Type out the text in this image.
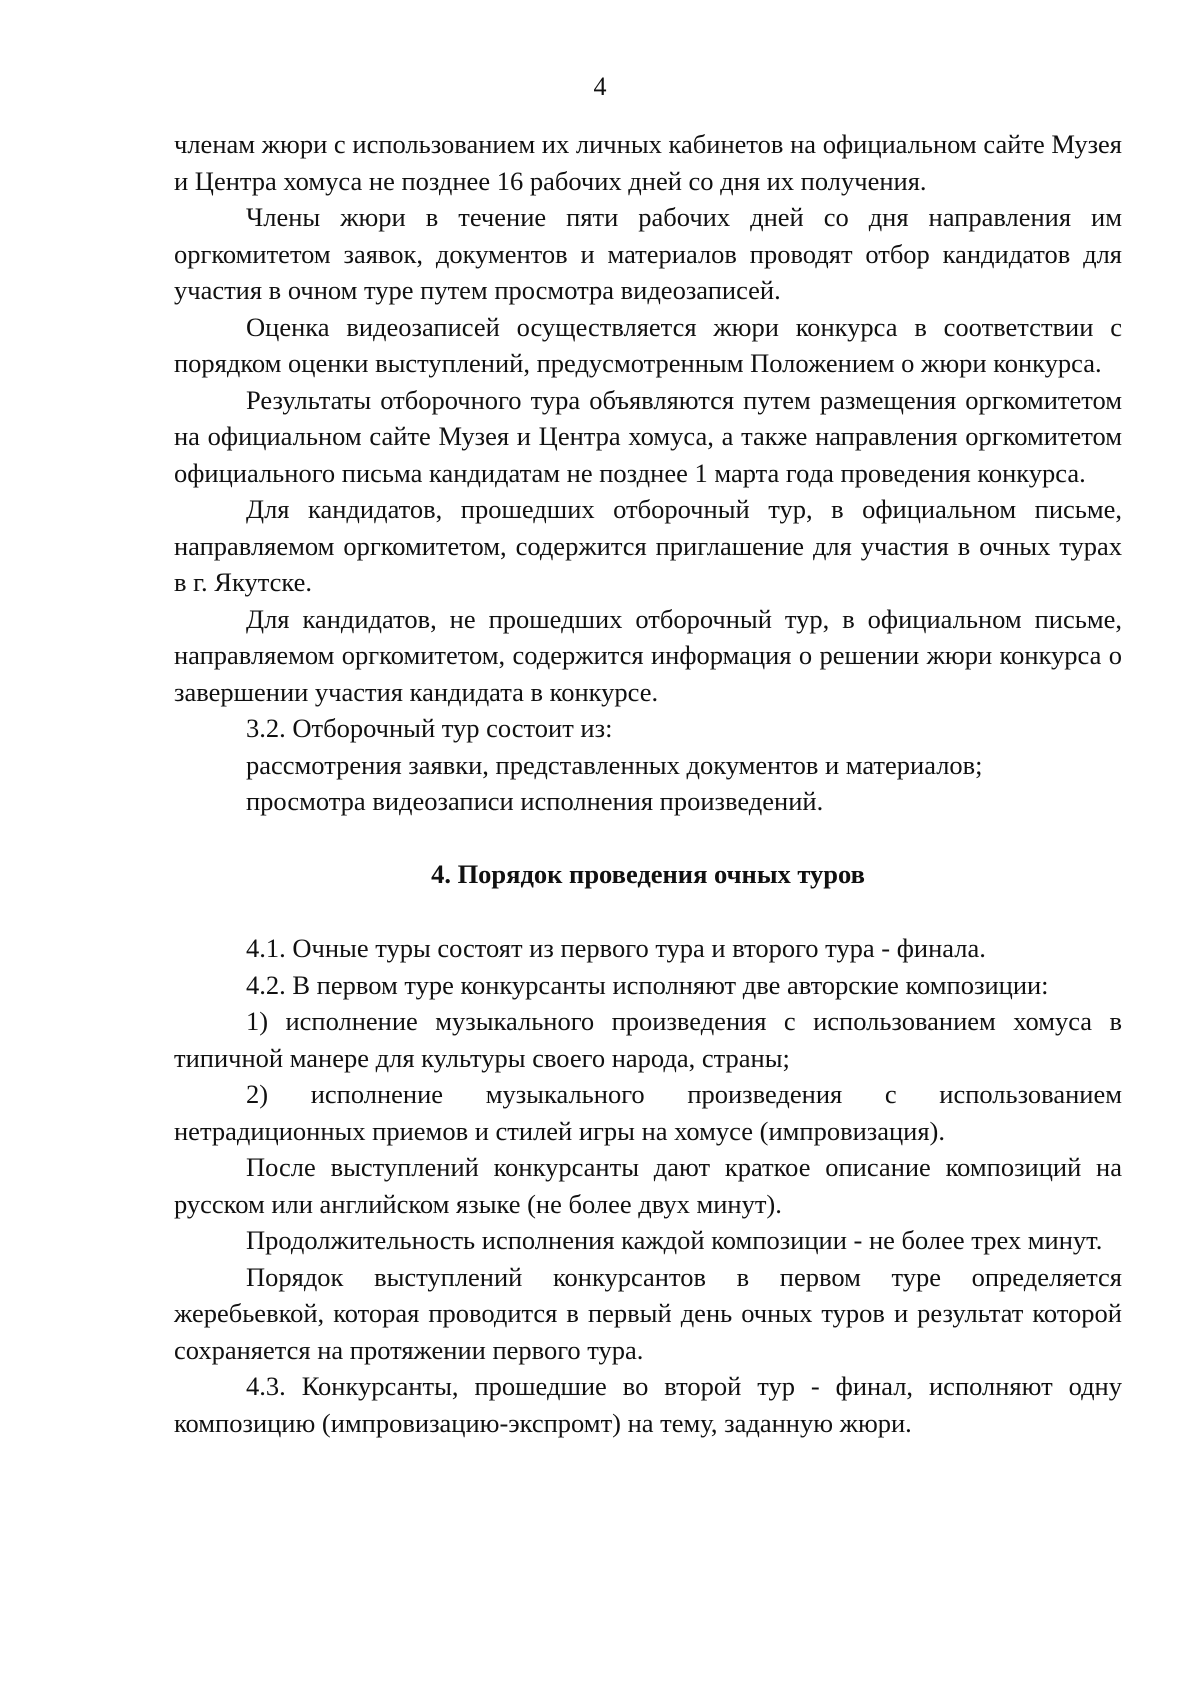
4

членам жюри с использованием их личных кабинетов на официальном сайте Музея и Центра хомуса не позднее 16 рабочих дней со дня их получения.

Члены жюри в течение пяти рабочих дней со дня направления им оргкомитетом заявок, документов и материалов проводят отбор кандидатов для участия в очном туре путем просмотра видеозаписей.

Оценка видеозаписей осуществляется жюри конкурса в соответствии с порядком оценки выступлений, предусмотренным Положением о жюри конкурса.

Результаты отборочного тура объявляются путем размещения оргкомитетом на официальном сайте Музея и Центра хомуса, а также направления оргкомитетом официального письма кандидатам не позднее 1 марта года проведения конкурса.

Для кандидатов, прошедших отборочный тур, в официальном письме, направляемом оргкомитетом, содержится приглашение для участия в очных турах в г. Якутске.

Для кандидатов, не прошедших отборочный тур, в официальном письме, направляемом оргкомитетом, содержится информация о решении жюри конкурса о завершении участия кандидата в конкурсе.

3.2. Отборочный тур состоит из:

рассмотрения заявки, представленных документов и материалов;

просмотра видеозаписи исполнения произведений.

4. Порядок проведения очных туров

4.1. Очные туры состоят из первого тура и второго тура - финала.

4.2. В первом туре конкурсанты исполняют две авторские композиции:

1) исполнение музыкального произведения с использованием хомуса в типичной манере для культуры своего народа, страны;

2) исполнение музыкального произведения с использованием нетрадиционных приемов и стилей игры на хомусе (импровизация).

После выступлений конкурсанты дают краткое описание композиций на русском или английском языке (не более двух минут).

Продолжительность исполнения каждой композиции - не более трех минут.

Порядок выступлений конкурсантов в первом туре определяется жеребьевкой, которая проводится в первый день очных туров и результат которой сохраняется на протяжении первого тура.

4.3. Конкурсанты, прошедшие во второй тур - финал, исполняют одну композицию (импровизацию-экспромт) на тему, заданную жюри.
